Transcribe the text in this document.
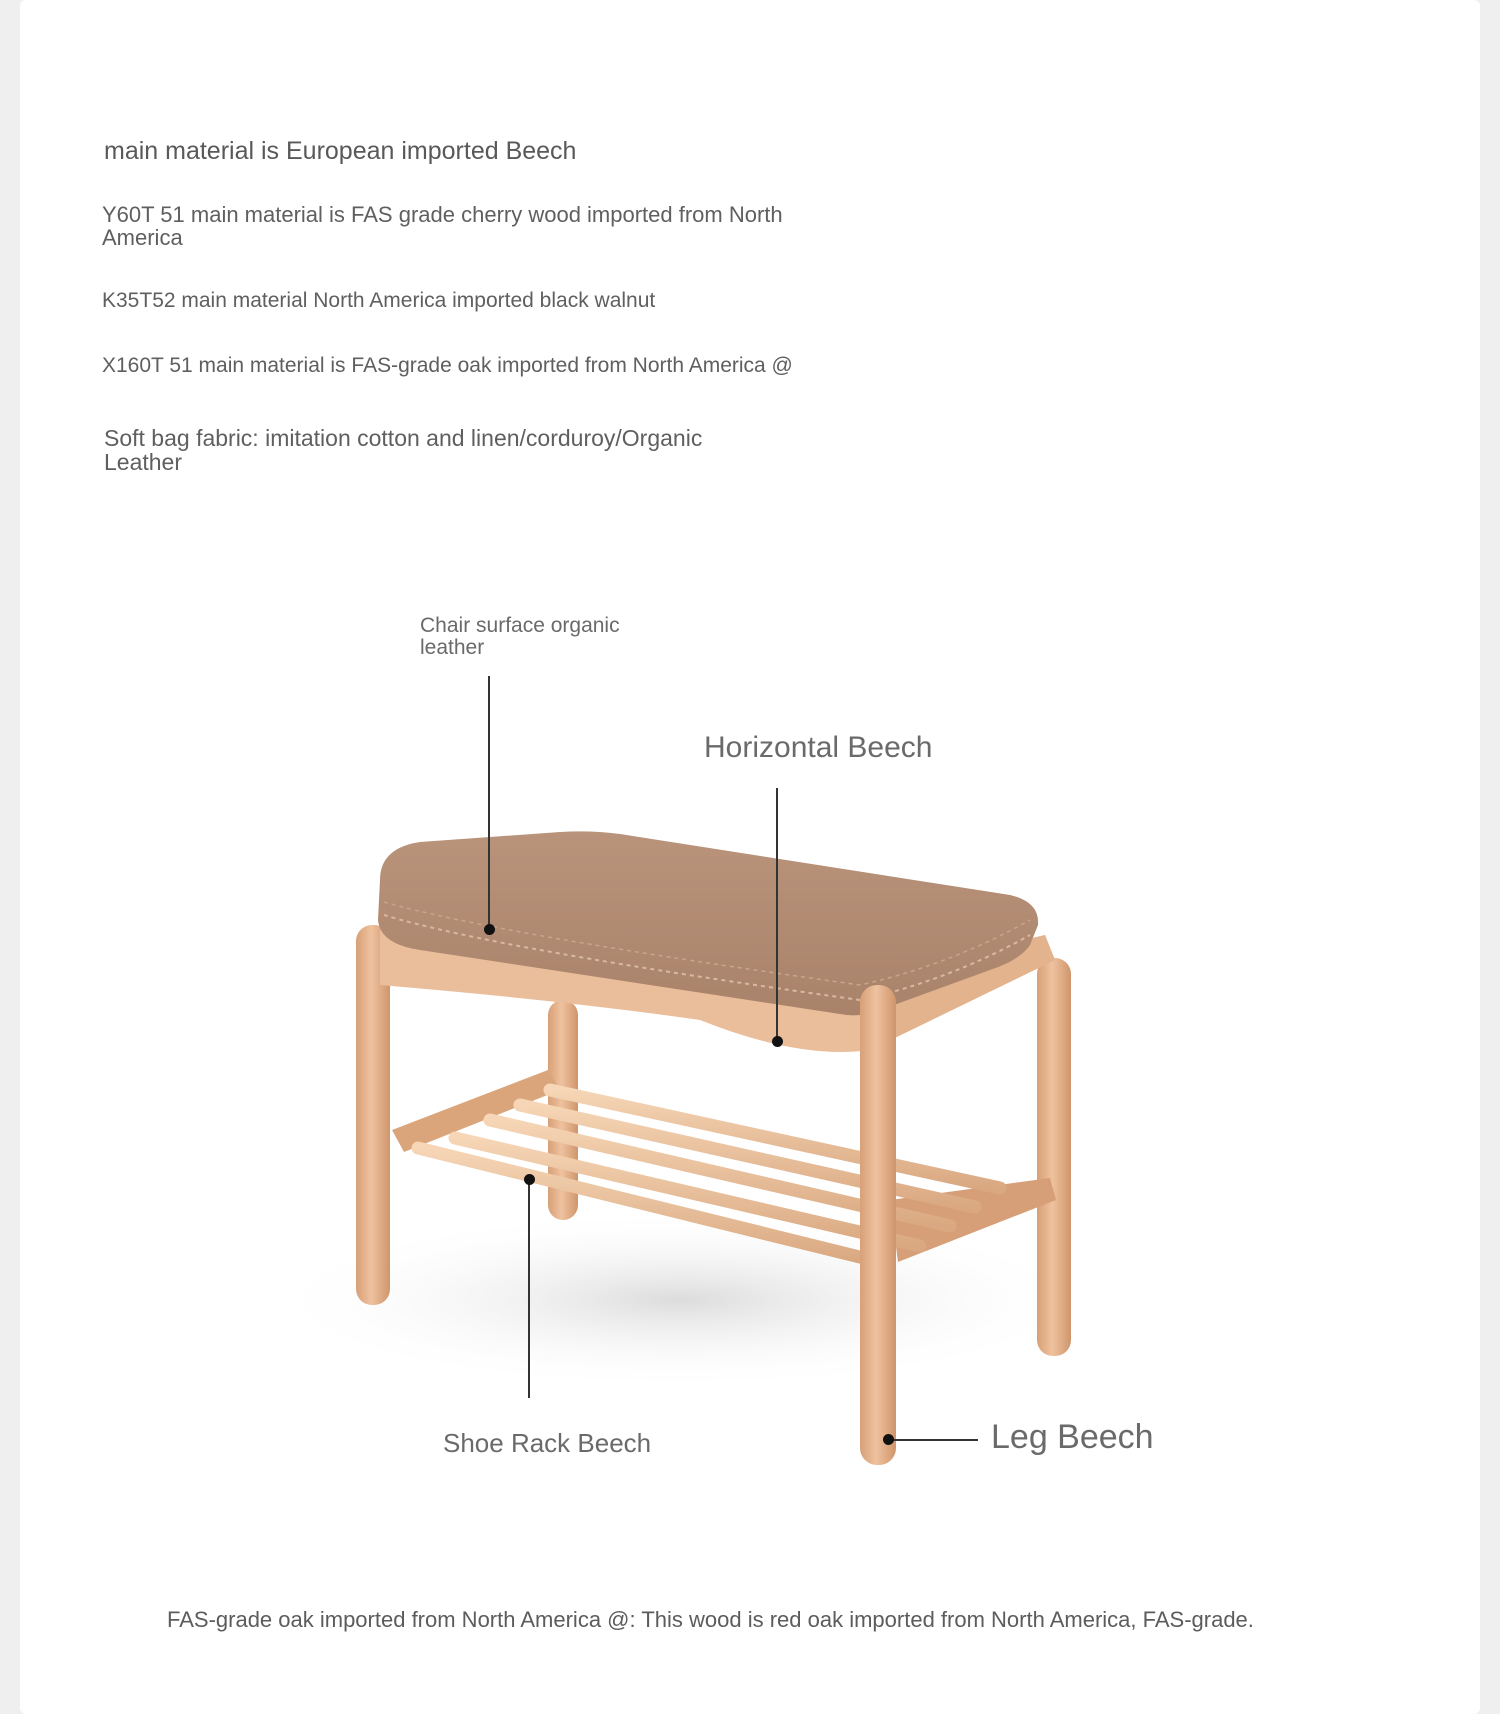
main material is European imported Beech

Y60T 51 main material is FAS grade cherry wood imported from North America

K35T52 main material North America imported black walnut

X160T 51 main material is FAS-grade oak imported from North America @

Soft bag fabric: imitation cotton and linen/corduroy/Organic Leather

Chair surface organic leather

Horizontal Beech

Shoe Rack Beech	Leg Beech

FAS-grade oak imported from North America @: This wood is red oak imported from North America, FAS-grade.
